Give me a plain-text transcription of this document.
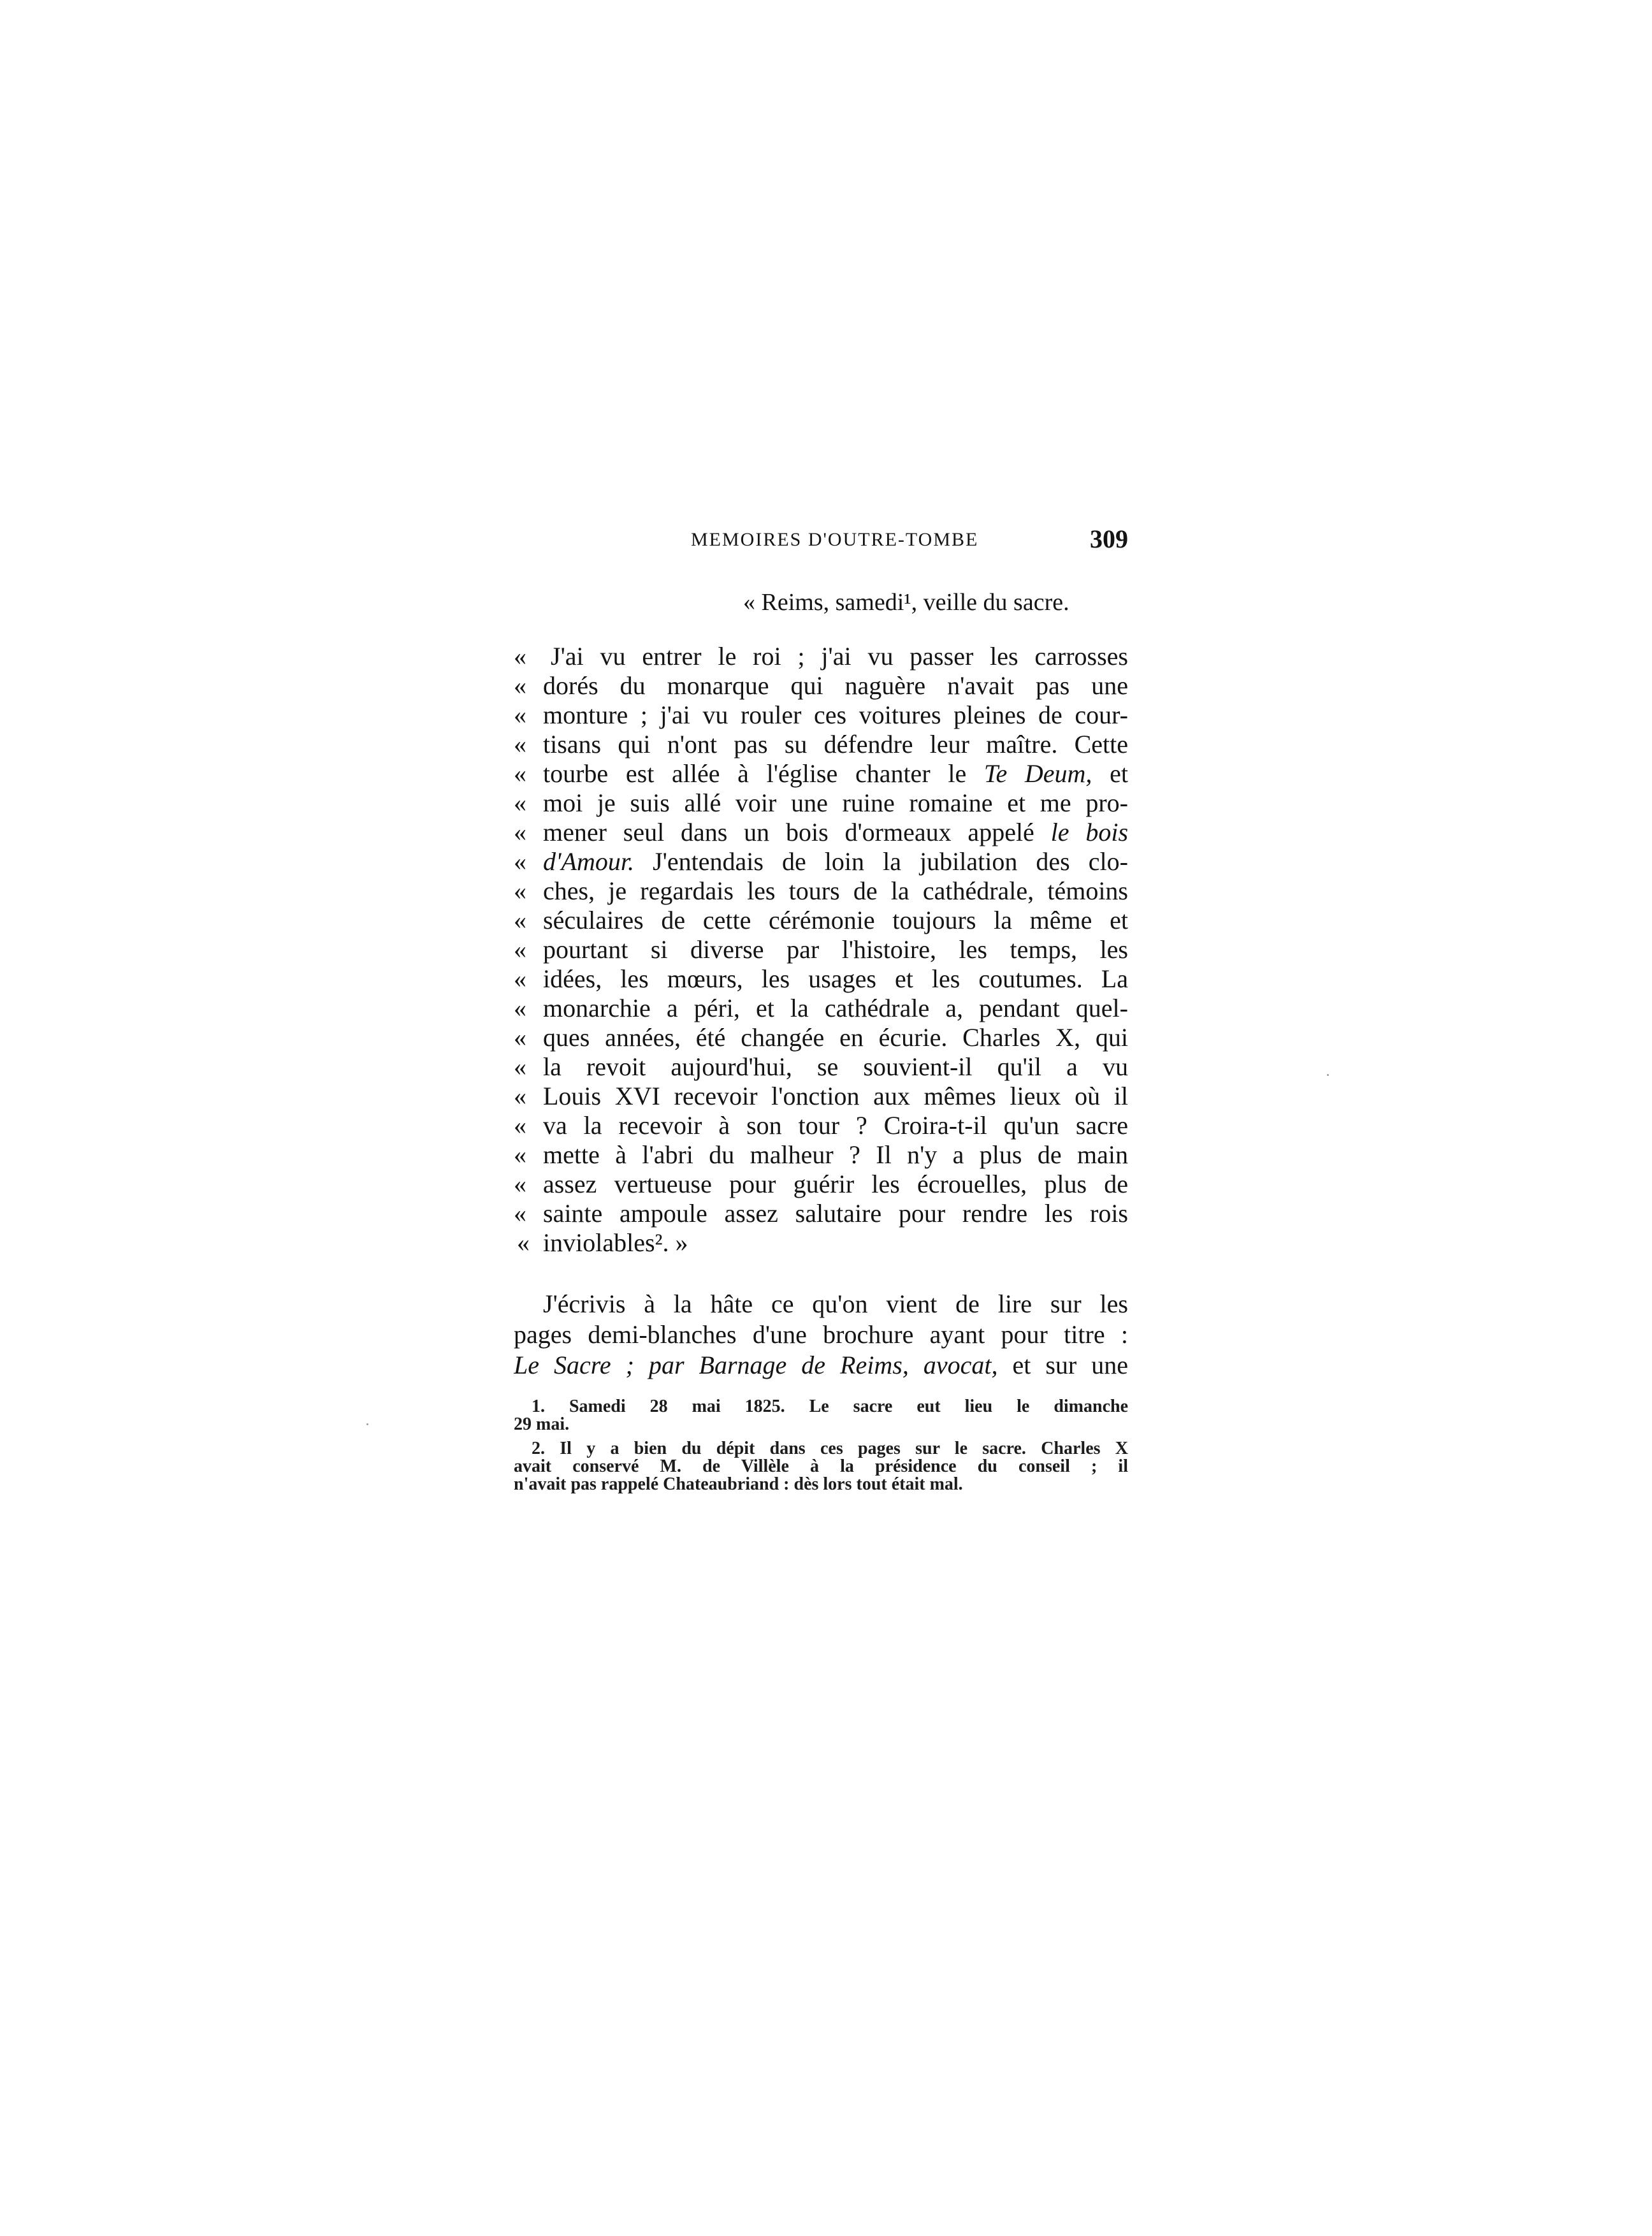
MEMOIRES D'OUTRE-TOMBE	309
« Reims, samedi¹, veille du sacre.
« J'ai vu entrer le roi ; j'ai vu passer les carrosses
« dorés du monarque qui naguère n'avait pas une
« monture ; j'ai vu rouler ces voitures pleines de cour-
« tisans qui n'ont pas su défendre leur maître. Cette
« tourbe est allée à l'église chanter le Te Deum, et
« moi je suis allé voir une ruine romaine et me pro-
« mener seul dans un bois d'ormeaux appelé le bois
« d'Amour. J'entendais de loin la jubilation des clo-
« ches, je regardais les tours de la cathédrale, témoins
« séculaires de cette cérémonie toujours la même et
« pourtant si diverse par l'histoire, les temps, les
« idées, les mœurs, les usages et les coutumes. La
« monarchie a péri, et la cathédrale a, pendant quel-
« ques années, été changée en écurie. Charles X, qui
« la revoit aujourd'hui, se souvient-il qu'il a vu
« Louis XVI recevoir l'onction aux mêmes lieux où il
« va la recevoir à son tour ? Croira-t-il qu'un sacre
« mette à l'abri du malheur ? Il n'y a plus de main
« assez vertueuse pour guérir les écrouelles, plus de
« sainte ampoule assez salutaire pour rendre les rois
« inviolables². »
J'écrivis à la hâte ce qu'on vient de lire sur les
pages demi-blanches d'une brochure ayant pour titre :
Le Sacre ; par Barnage de Reims, avocat, et sur une
1. Samedi 28 mai 1825. Le sacre eut lieu le dimanche
29 mai.
2. Il y a bien du dépit dans ces pages sur le sacre. Charles X
avait conservé M. de Villèle à la présidence du conseil ; il
n'avait pas rappelé Chateaubriand : dès lors tout était mal.
